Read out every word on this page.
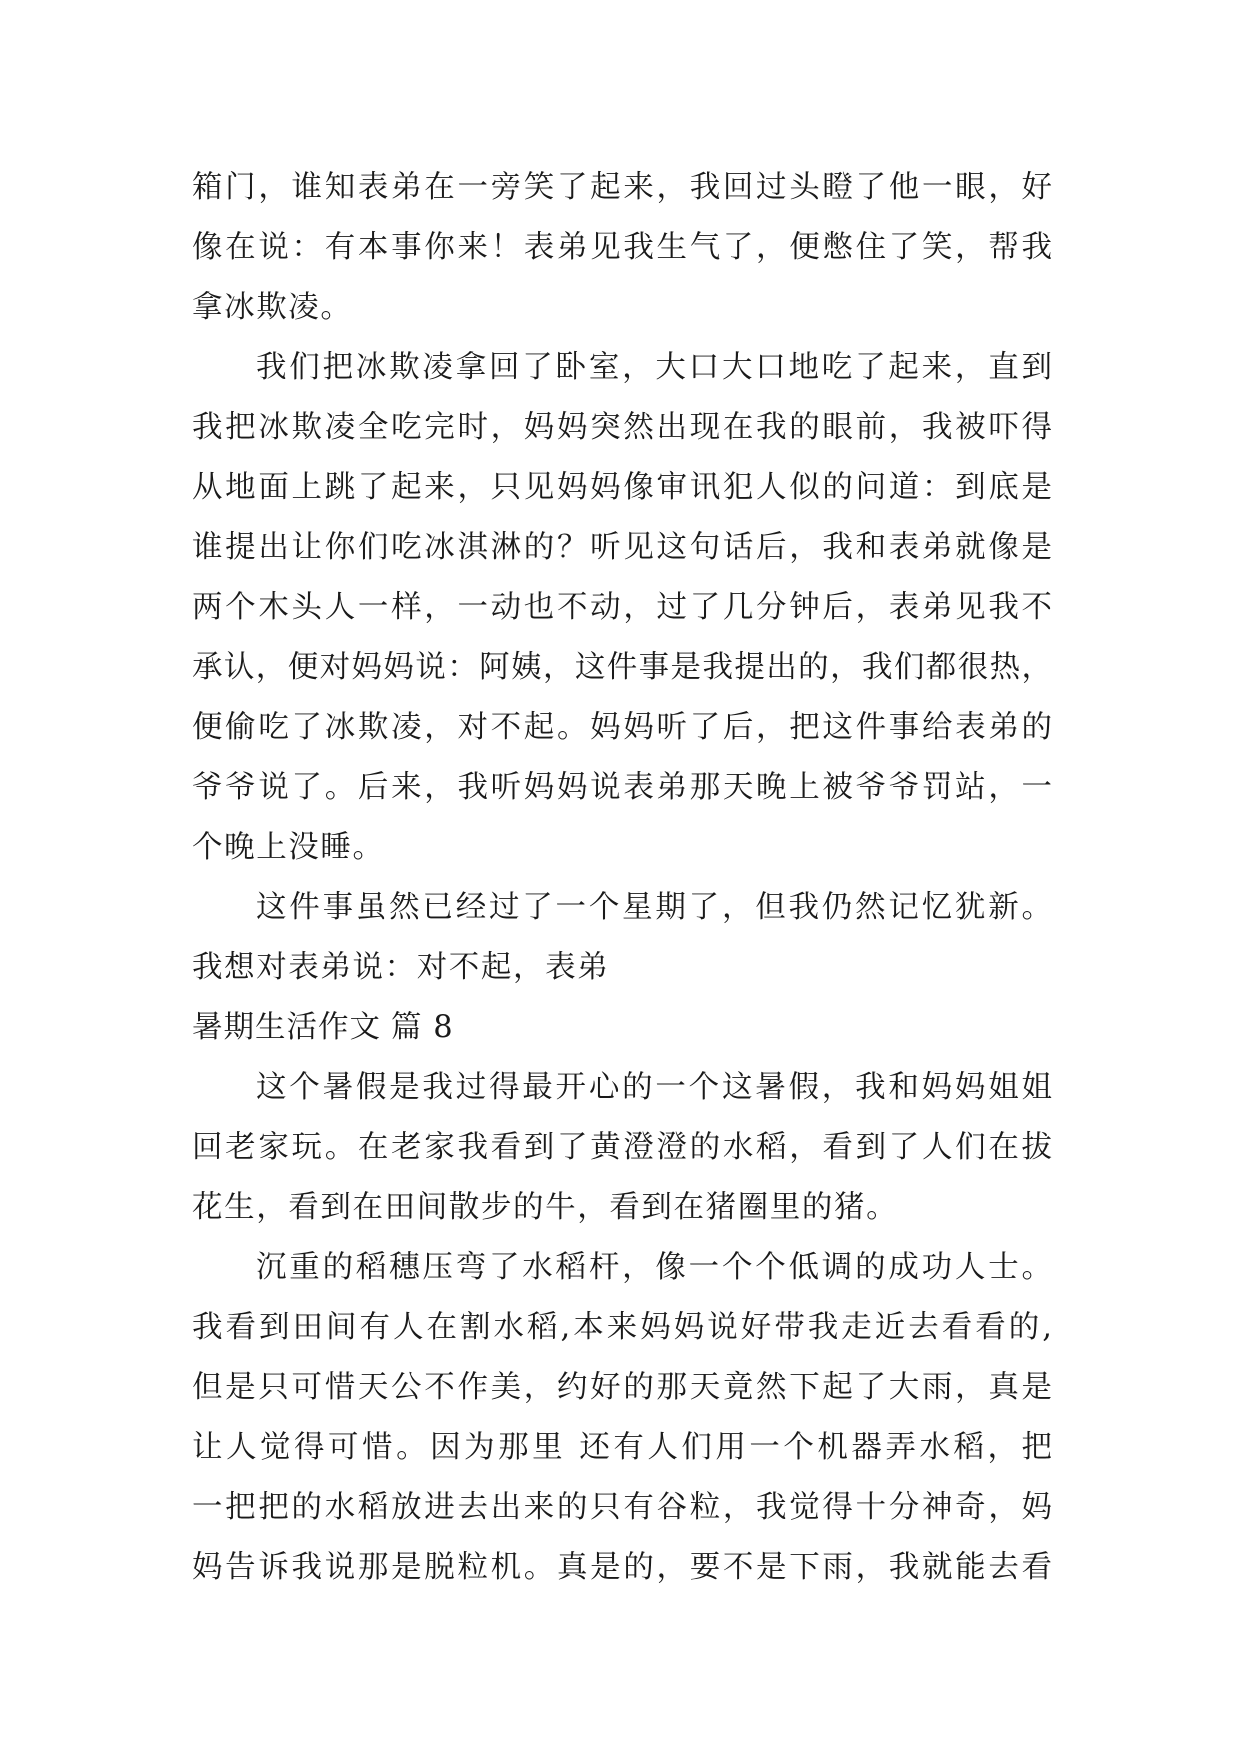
箱门，谁知表弟在一旁笑了起来，我回过头瞪了他一眼，好
像在说：有本事你来！表弟见我生气了，便憋住了笑，帮我
拿冰欺凌。
我们把冰欺凌拿回了卧室，大口大口地吃了起来，直到
我把冰欺凌全吃完时，妈妈突然出现在我的眼前，我被吓得
从地面上跳了起来，只见妈妈像审讯犯人似的问道：到底是
谁提出让你们吃冰淇淋的？听见这句话后，我和表弟就像是
两个木头人一样，一动也不动，过了几分钟后，表弟见我不
承认，便对妈妈说：阿姨，这件事是我提出的，我们都很热，
便偷吃了冰欺凌，对不起。妈妈听了后，把这件事给表弟的
爷爷说了。后来，我听妈妈说表弟那天晚上被爷爷罚站，一
个晚上没睡。
这件事虽然已经过了一个星期了，但我仍然记忆犹新。
我想对表弟说：对不起，表弟
暑期生活作文 篇 8
这个暑假是我过得最开心的一个这暑假，我和妈妈姐姐
回老家玩。在老家我看到了黄澄澄的水稻，看到了人们在拔
花生，看到在田间散步的牛，看到在猪圈里的猪。
沉重的稻穗压弯了水稻杆，像一个个低调的成功人士。
我看到田间有人在割水稻,本来妈妈说好带我走近去看看的,
但是只可惜天公不作美，约好的那天竟然下起了大雨，真是
让人觉得可惜。因为那里 还有人们用一个机器弄水稻，把
一把把的水稻放进去出来的只有谷粒，我觉得十分神奇，妈
妈告诉我说那是脱粒机。真是的，要不是下雨，我就能去看
